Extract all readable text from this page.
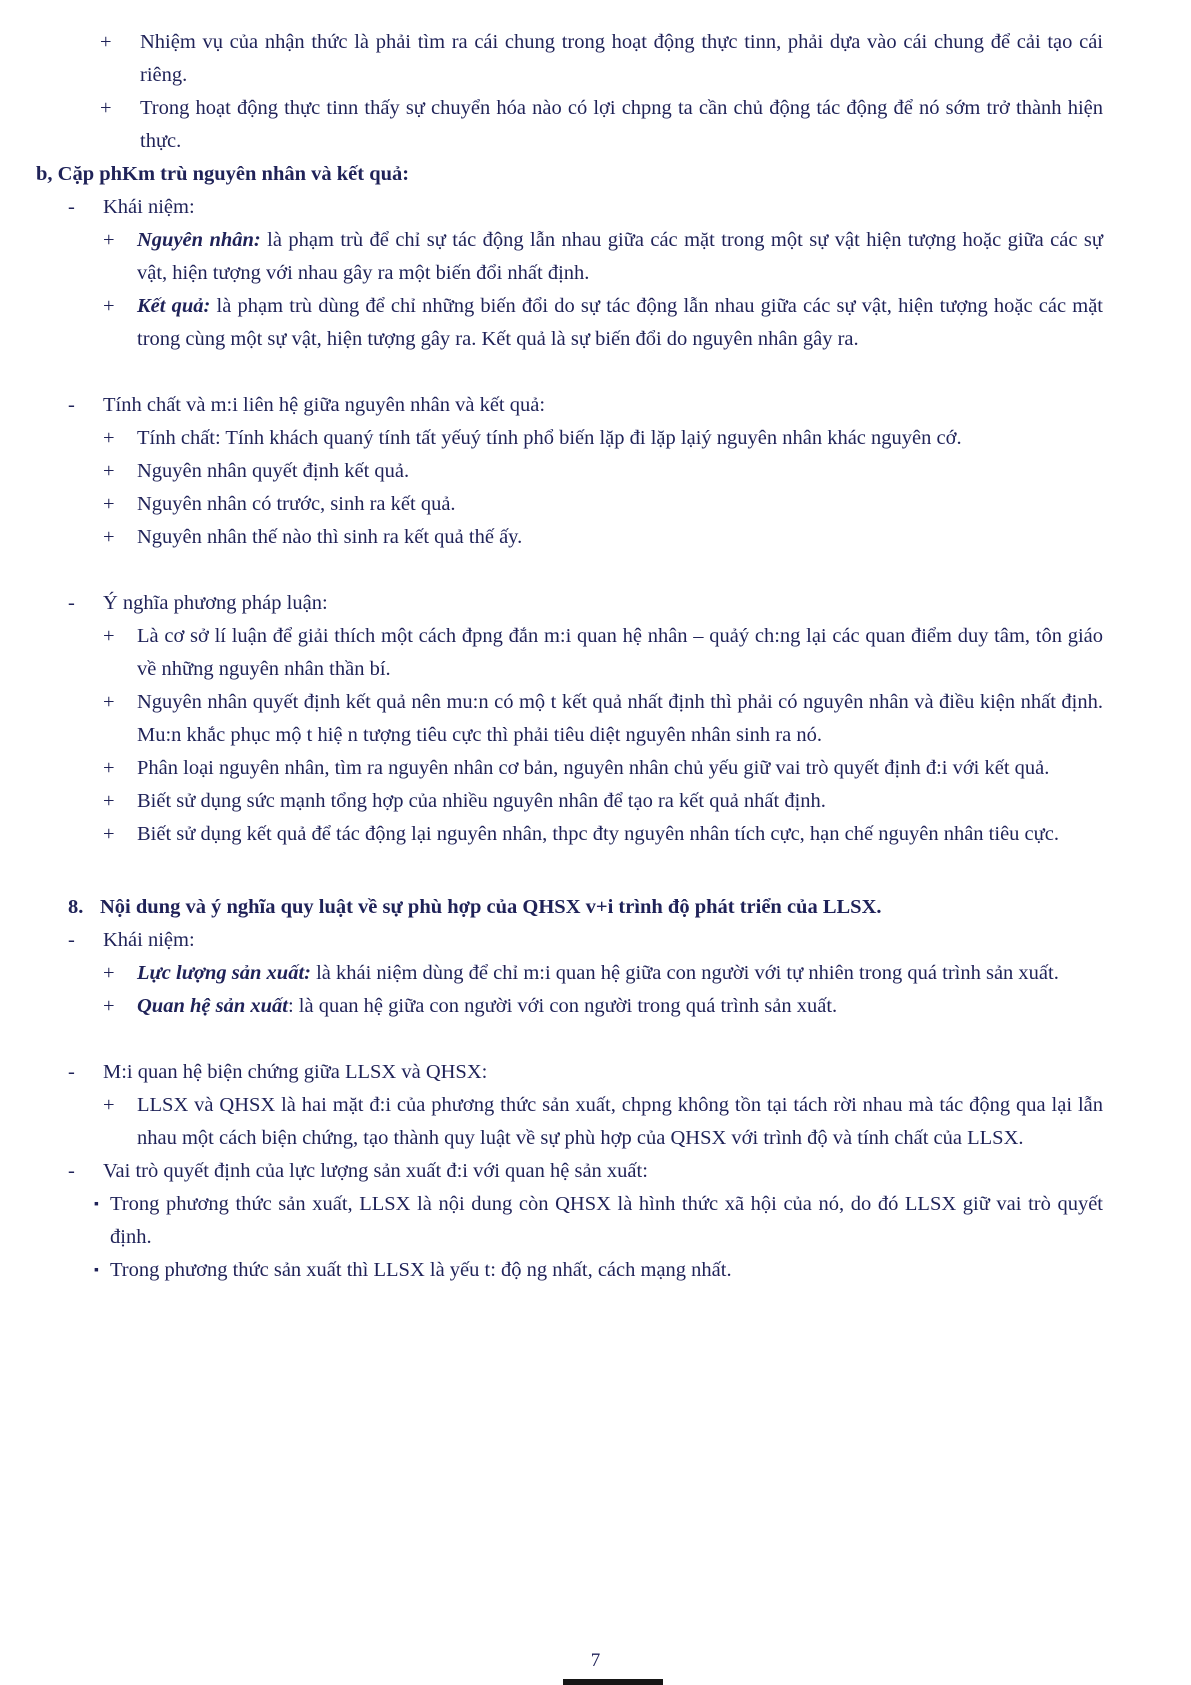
+	Nhiệm vụ của nhận thức là phải tìm ra cái chung trong hoạt động thực tinn, phải dựa vào cái chung để cải tạo cái riêng.
+	Trong hoạt động thực tinn thấy sự chuyển hóa nào có lợi chpng ta cần chủ động tác động để nó sớm trở thành hiện thực.
b, Cặp phKm trù nguyên nhân và kết quả:
-	Khái niệm:
+	Nguyên nhân: là phạm trù để chỉ sự tác động lẫn nhau giữa các mặt trong một sự vật hiện tượng hoặc giữa các sự vật, hiện tượng với nhau gây ra một biến đổi nhất định.
+	Kết quả: là phạm trù dùng để chỉ những biến đổi do sự tác động lẫn nhau giữa các sự vật, hiện tượng hoặc các mặt trong cùng một sự vật, hiện tượng gây ra. Kết quả là sự biến đổi do nguyên nhân gây ra.
-	Tính chất và m:i liên hệ giữa nguyên nhân và kết quả:
+	Tính chất: Tính khách quaný tính tất yếuý tính phổ biến lặp đi lặp lạiý nguyên nhân khác nguyên cớ.
+	Nguyên nhân quyết định kết quả.
+	Nguyên nhân có trước, sinh ra kết quả.
+	Nguyên nhân thế nào thì sinh ra kết quả thế ấy.
-	Ý nghĩa phương pháp luận:
+	Là cơ sở lí luận để giải thích một cách đpng đắn m:i quan hệ nhân – quảý ch:ng lại các quan điểm duy tâm, tôn giáo về những nguyên nhân thần bí.
+	Nguyên nhân quyết định kết quả nên mu:n có mộ t kết quả nhất định thì phải có nguyên nhân và điều kiện nhất định. Mu:n khắc phục mộ t hiệ n tượng tiêu cực thì phải tiêu diệt nguyên nhân sinh ra nó.
+	Phân loại nguyên nhân, tìm ra nguyên nhân cơ bản, nguyên nhân chủ yếu giữ vai trò quyết định đ:i với kết quả.
+	Biết sử dụng sức mạnh tổng hợp của nhiều nguyên nhân để tạo ra kết quả nhất định.
+	Biết sử dụng kết quả để tác động lại nguyên nhân, thpc đty nguyên nhân tích cực, hạn chế nguyên nhân tiêu cực.
8. Nội dung và ý nghĩa quy luật về sự phù hợp của QHSX v+i trình độ phát triển của LLSX.
-	Khái niệm:
+	Lực lượng sản xuất: là khái niệm dùng để chỉ m:i quan hệ giữa con người với tự nhiên trong quá trình sản xuất.
+	Quan hệ sản xuất: là quan hệ giữa con người với con người trong quá trình sản xuất.
-	M:i quan hệ biện chứng giữa LLSX và QHSX:
+	LLSX và QHSX là hai mặt đ:i của phương thức sản xuất, chpng không tồn tại tách rời nhau mà tác động qua lại lẫn nhau một cách biện chứng, tạo thành quy luật về sự phù hợp của QHSX với trình độ và tính chất của LLSX.
-	Vai trò quyết định của lực lượng sản xuất đ:i với quan hệ sản xuất:
▪ Trong phương thức sản xuất, LLSX là nội dung còn QHSX là hình thức xã hội của nó, do đó LLSX giữ vai trò quyết định.
▪ Trong phương thức sản xuất thì LLSX là yếu t: độ ng nhất, cách mạng nhất.
7
